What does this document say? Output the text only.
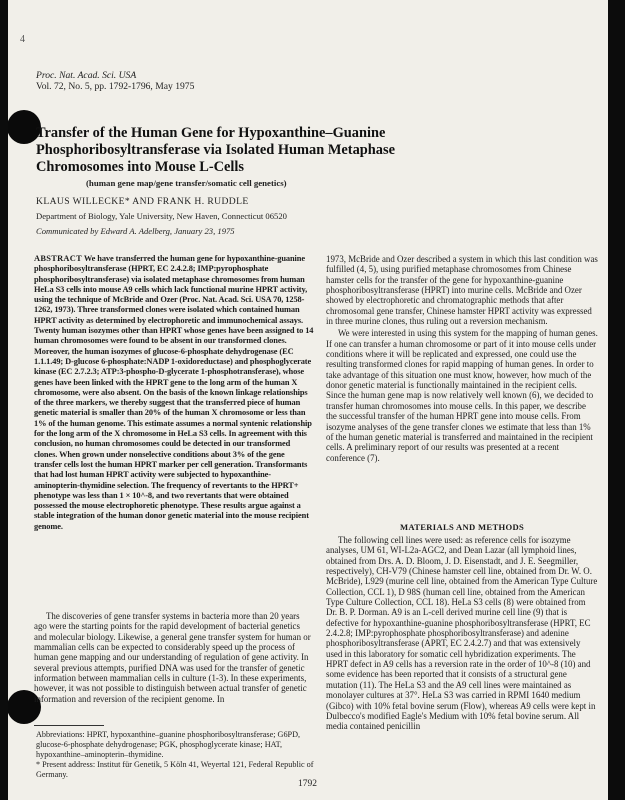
4
Proc. Nat. Acad. Sci. USA
Vol. 72, No. 5, pp. 1792-1796, May 1975
Transfer of the Human Gene for Hypoxanthine–Guanine
Phosphoribosyltransferase via Isolated Human Metaphase
Chromosomes into Mouse L-Cells
(human gene map/gene transfer/somatic cell genetics)
KLAUS WILLECKE* AND FRANK H. RUDDLE
Department of Biology, Yale University, New Haven, Connecticut 06520
Communicated by Edward A. Adelberg, January 23, 1975
ABSTRACT We have transferred the human gene for hypoxanthine-guanine phosphoribosyltransferase (HPRT, EC 2.4.2.8; IMP:pyrophosphate phosphoribosyltransferase) via isolated metaphase chromosomes from human HeLa S3 cells into mouse A9 cells which lack functional murine HPRT activity, using the technique of McBride and Ozer (Proc. Nat. Acad. Sci. USA 70, 1258-1262, 1973). Three transformed clones were isolated which contained human HPRT activity as determined by electrophoretic and immunochemical assays. Twenty human isozymes other than HPRT whose genes have been assigned to 14 human chromosomes were found to be absent in our transformed clones. Moreover, the human isozymes of glucose-6-phosphate dehydrogenase (EC 1.1.1.49; D-glucose 6-phosphate:NADP 1-oxidoreductase) and phosphoglycerate kinase (EC 2.7.2.3; ATP:3-phospho-D-glycerate 1-phosphotransferase), whose genes have been linked with the HPRT gene to the long arm of the human X chromosome, were also absent. On the basis of the known linkage relationships of the three markers, we thereby suggest that the transferred piece of human genetic material is smaller than 20% of the human X chromosome or less than 1% of the human genome. This estimate assumes a normal syntenic relationship for the long arm of the X chromosome in HeLa S3 cells. In agreement with this conclusion, no human chromosomes could be detected in our transformed clones. When grown under nonselective conditions about 3% of the gene transfer cells lost the human HPRT marker per cell generation. Transformants that had lost human HPRT activity were subjected to hypoxanthine-aminopterin-thymidine selection. The frequency of revertants to the HPRT+ phenotype was less than 1 × 10^-8, and two revertants that were obtained possessed the mouse electrophoretic phenotype. These results argue against a stable integration of the human donor genetic material into the mouse recipient genome.
The discoveries of gene transfer systems in bacteria more than 20 years ago were the starting points for the rapid development of bacterial genetics and molecular biology. Likewise, a general gene transfer system for human or mammalian cells can be expected to considerably speed up the process of human gene mapping and our understanding of regulation of gene activity. In several previous attempts, purified DNA was used for the transfer of genetic information between mammalian cells in culture (1-3). In these experiments, however, it was not possible to distinguish between actual transfer of genetic information and reversion of the recipient genome. In
Abbreviations: HPRT, hypoxanthine–guanine phosphoribosyltransferase; G6PD, glucose-6-phosphate dehydrogenase; PGK, phosphoglycerate kinase; HAT, hypoxanthine–aminopterin–thymidine.
* Present address: Institut für Genetik, 5 Köln 41, Weyertal 121, Federal Republic of Germany.

1973, McBride and Ozer described a system in which this last condition was fulfilled (4, 5), using purified metaphase chromosomes from Chinese hamster cells for the transfer of the gene for hypoxanthine-guanine phosphoribosyltransferase (HPRT) into murine cells. McBride and Ozer showed by electrophoretic and chromatographic methods that after chromosomal gene transfer, Chinese hamster HPRT activity was expressed in three murine clones, thus ruling out a reversion mechanism.

We were interested in using this system for the mapping of human genes. If one can transfer a human chromosome or part of it into mouse cells under conditions where it will be replicated and expressed, one could use the resulting transformed clones for rapid mapping of human genes. In order to take advantage of this situation one must know, however, how much of the donor genetic material is functionally maintained in the recipient cells. Since the human gene map is now relatively well known (6), we decided to transfer human chromosomes into mouse cells. In this paper, we describe the successful transfer of the human HPRT gene into mouse cells. From isozyme analyses of the gene transfer clones we estimate that less than 1% of the human genetic material is transferred and maintained in the recipient cells. A preliminary report of our results was presented at a recent conference (7).

MATERIALS AND METHODS
The following cell lines were used: as reference cells for isozyme analyses, UM 61, WI-L2a-AGC2, and Dean Lazar (all lymphoid lines, obtained from Drs. A. D. Bloom, J. D. Eisenstadt, and J. E. Seegmiller, respectively), CH-V79 (Chinese hamster cell line, obtained from Dr. W. O. McBride), L929 (murine cell line, obtained from the American Type Culture Collection, CCL 1), D 98S (human cell line, obtained from the American Type Culture Collection, CCL 18). HeLa S3 cells (8) were obtained from Dr. B. P. Dorman. A9 is an L-cell derived murine cell line (9) that is defective for hypoxanthine-guanine phosphoribosyltransferase (HPRT, EC 2.4.2.8; IMP:pyrophosphate phosphoribosyltransferase) and adenine phosphoribosyltransferase (APRT, EC 2.4.2.7) and that was extensively used in this laboratory for somatic cell hybridization experiments. The HPRT defect in A9 cells has a reversion rate in the order of 10^-8 (10) and some evidence has been reported that it consists of a structural gene mutation (11). The HeLa S3 and the A9 cell lines were maintained as monolayer cultures at 37°. HeLa S3 was carried in RPMI 1640 medium (Gibco) with 10% fetal bovine serum (Flow), whereas A9 cells were kept in Dulbecco's modified Eagle's Medium with 10% fetal bovine serum. All media contained penicillin
1792
